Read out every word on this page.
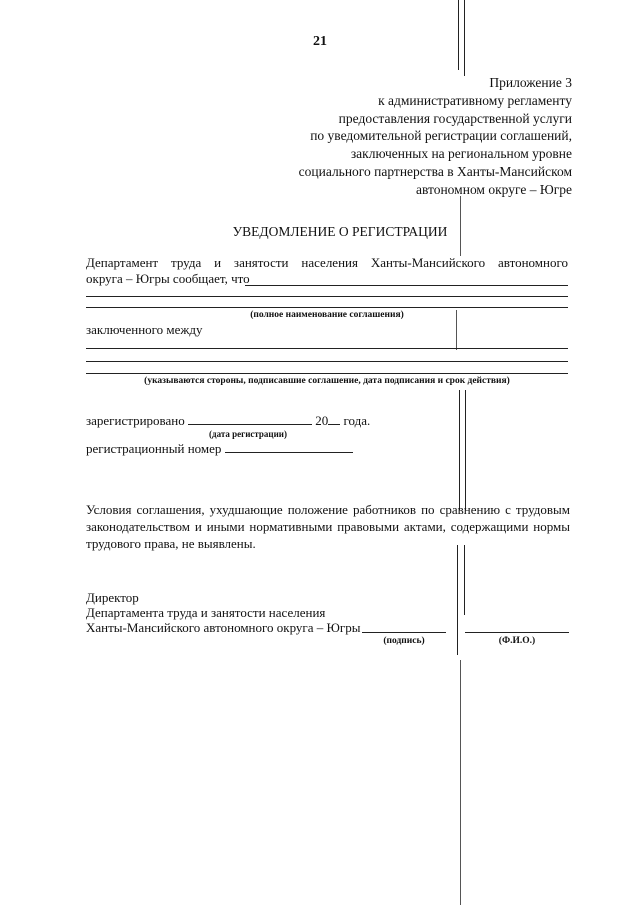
21
Приложение 3
к административному регламенту
предоставления государственной услуги
по уведомительной регистрации соглашений,
заключенных на региональном уровне
социального партнерства в Ханты-Мансийском
автономном округе – Югре
УВЕДОМЛЕНИЕ О РЕГИСТРАЦИИ
Департамент труда и занятости населения Ханты-Мансийского автономного
округа – Югры сообщает, что
(полное наименование соглашения)
заключенного между
(указываются стороны, подписавшие соглашение, дата подписания и срок действия)
зарегистрировано	20 года.
(дата регистрации)
регистрационный номер
Условия соглашения, ухудшающие положение работников по сравнению с трудовым
законодательством и иными нормативными правовыми актами, содержащими нормы
трудового права, не выявлены.
Директор
Департамента труда и занятости населения
Ханты-Мансийского автономного округа – Югры
(подпись)	(Ф.И.О.)
